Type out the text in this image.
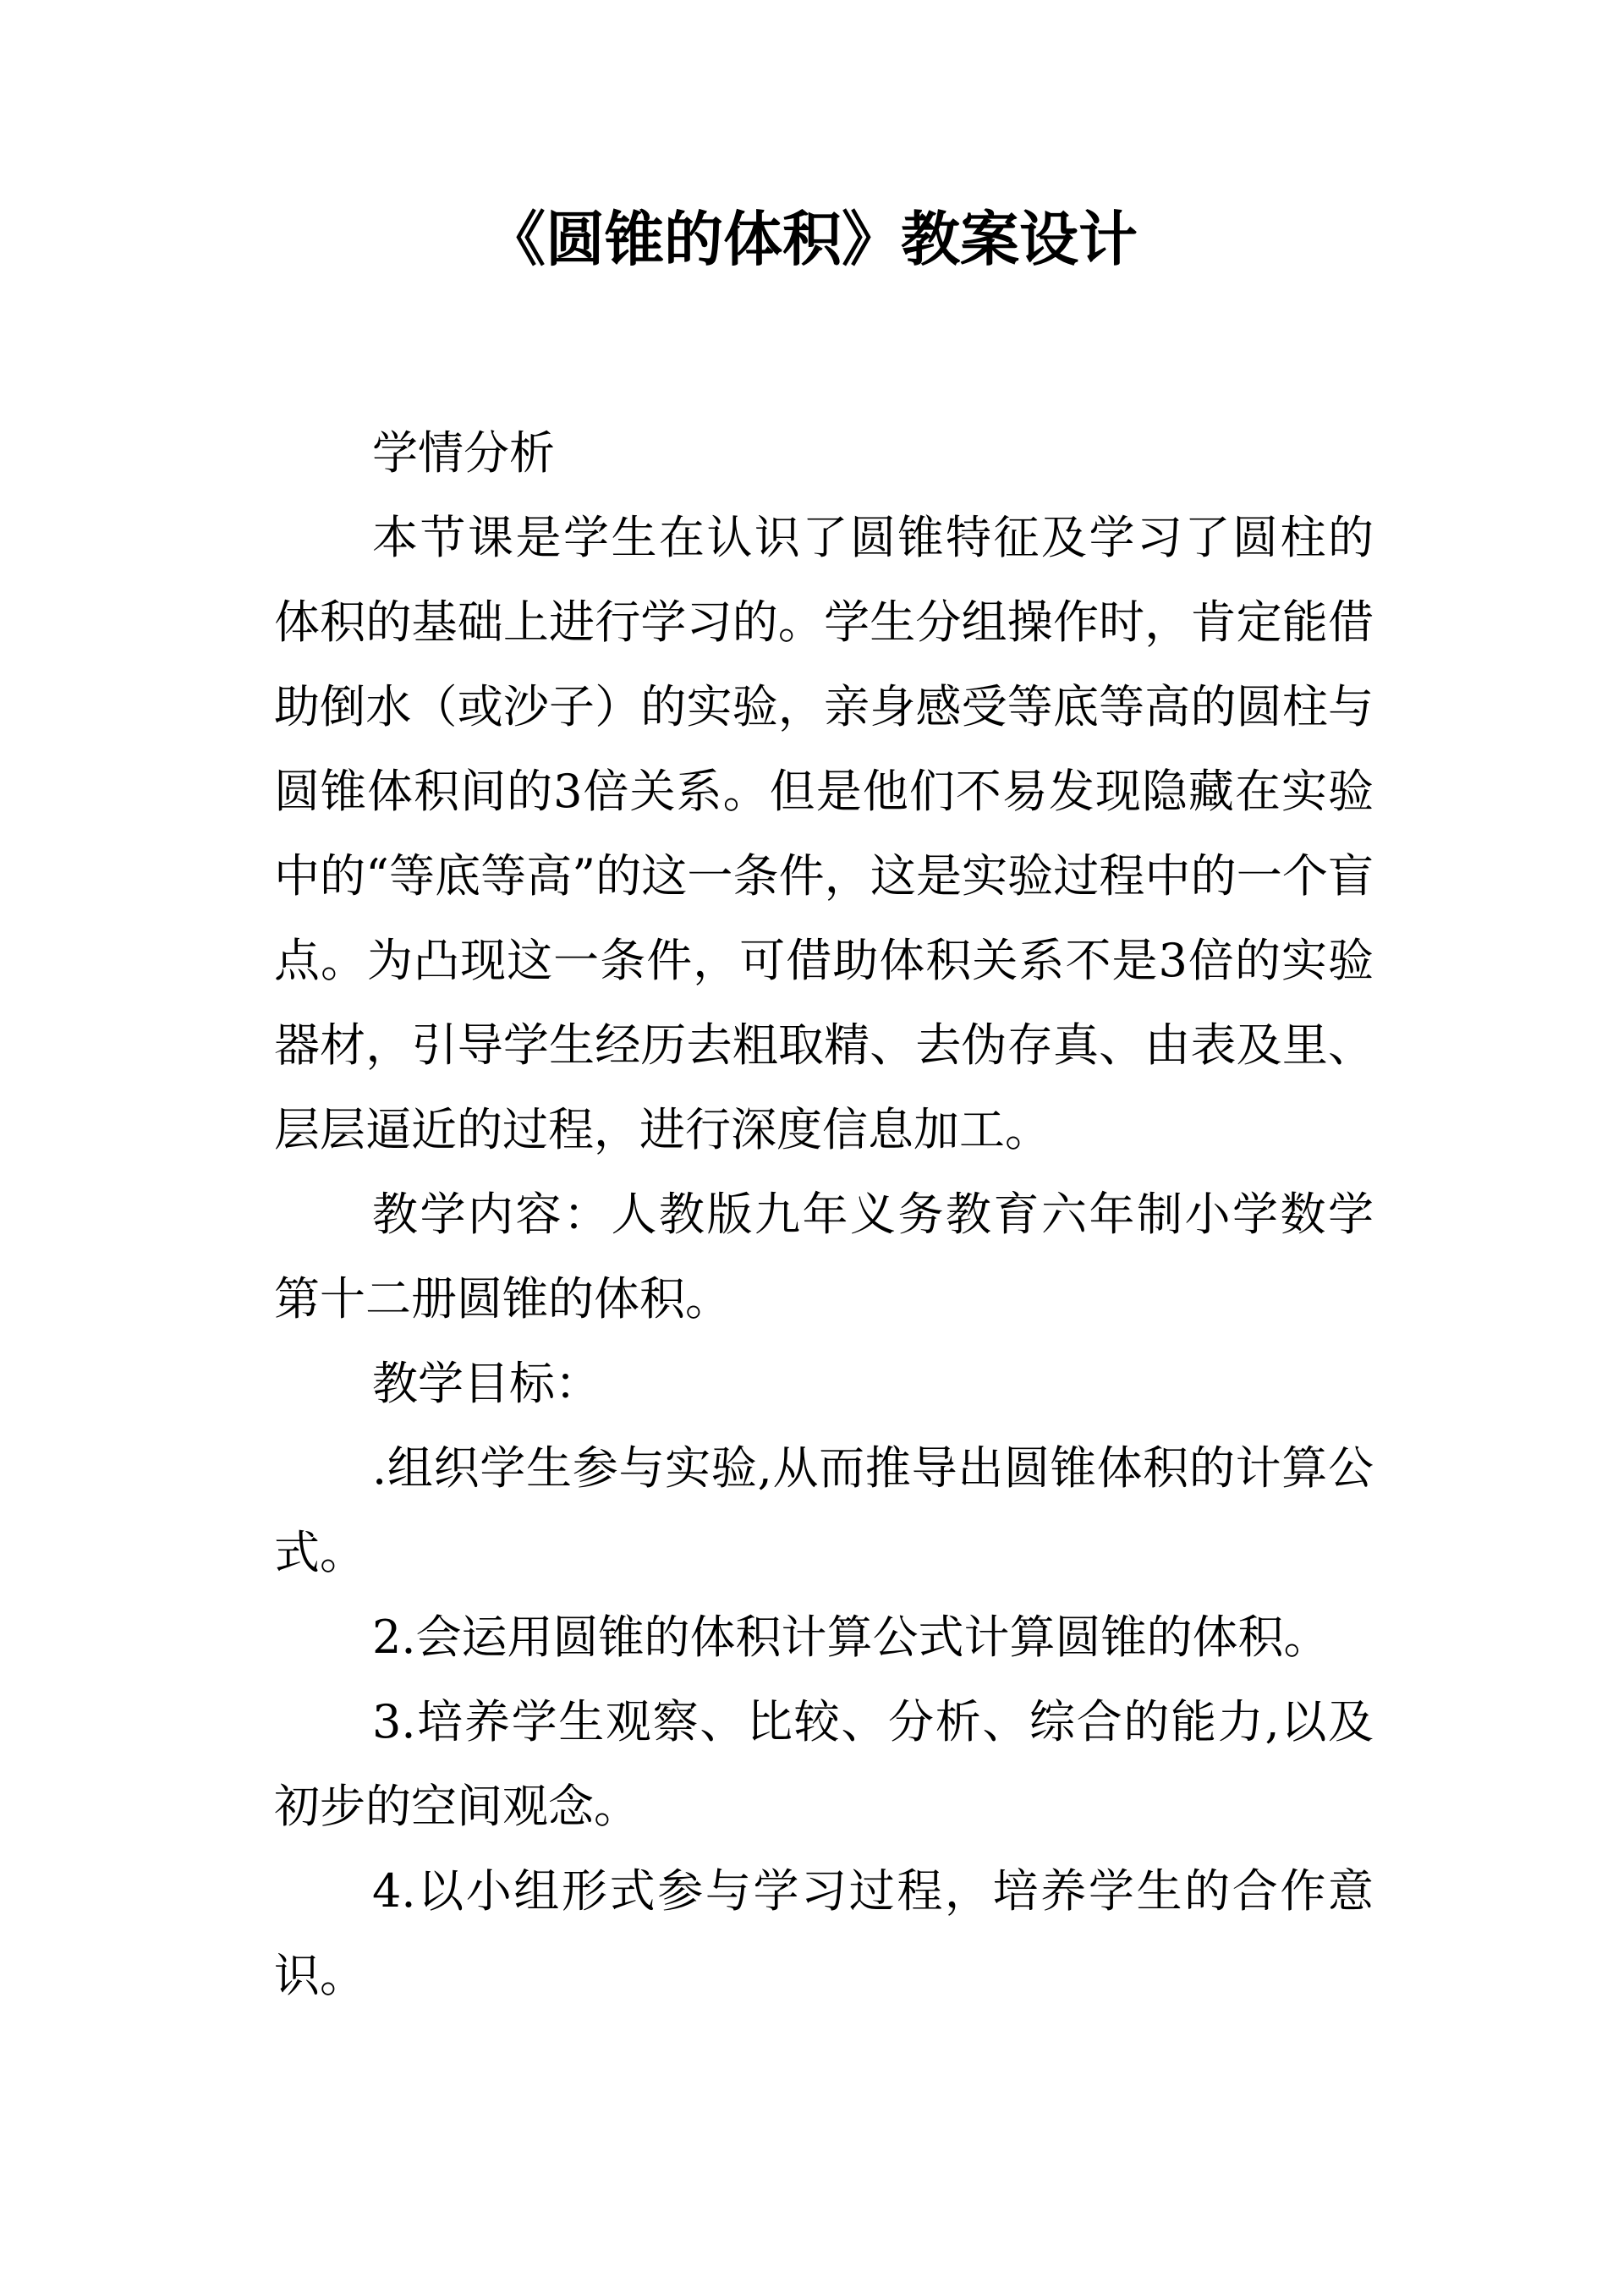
《圆锥的体积》教案设计

学情分析

本节课是学生在认识了圆锥特征及学习了圆柱的体积的基础上进行学习的。学生分组操作时，肯定能借助倒水（或沙子）的实验，亲身感受等底等高的圆柱与圆锥体积间的3倍关系。但是他们不易发现隐藏在实验中的“等底等高”的这一条件，这是实验过程中的一个盲点。为凸现这一条件，可借助体积关系不是3倍的实验器材，引导学生经历去粗取精、去伪存真、由表及里、层层逼近的过程，进行深度信息加工。

教学内容：人教版九年义务教育六年制小学数学第十二册圆锥的体积。

教学目标：

.组织学生参与实验,从而推导出圆锥体积的计算公式。

2.会运用圆锥的体积计算公式计算圆锥的体积。

3.培养学生观察、比较、分析、综合的能力,以及初步的空间观念。

4.以小组形式参与学习过程，培养学生的合作意识。
